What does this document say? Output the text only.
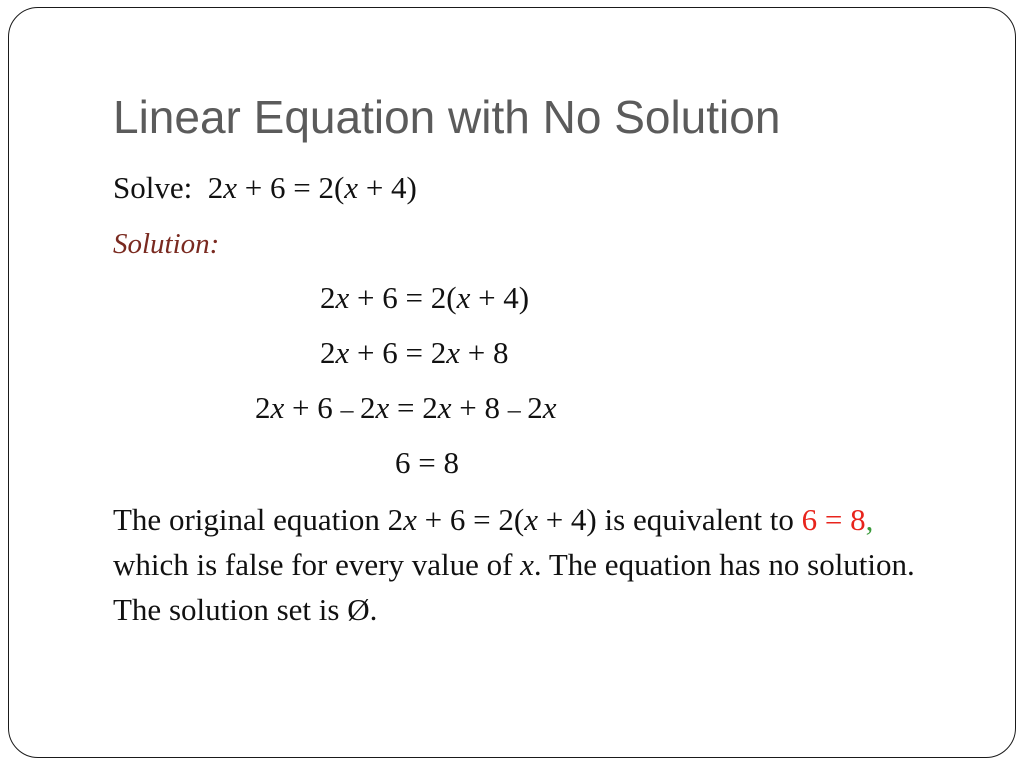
Linear Equation with No Solution
Solve: 2x + 6 = 2(x + 4)
Solution:
2x + 6 = 2(x + 4)
2x + 6 = 2x + 8
2x + 6 – 2x = 2x + 8 – 2x
6 = 8

The original equation 2x + 6 = 2(x + 4) is equivalent to 6 = 8, which is false for every value of x. The equation has no solution. The solution set is Ø.
